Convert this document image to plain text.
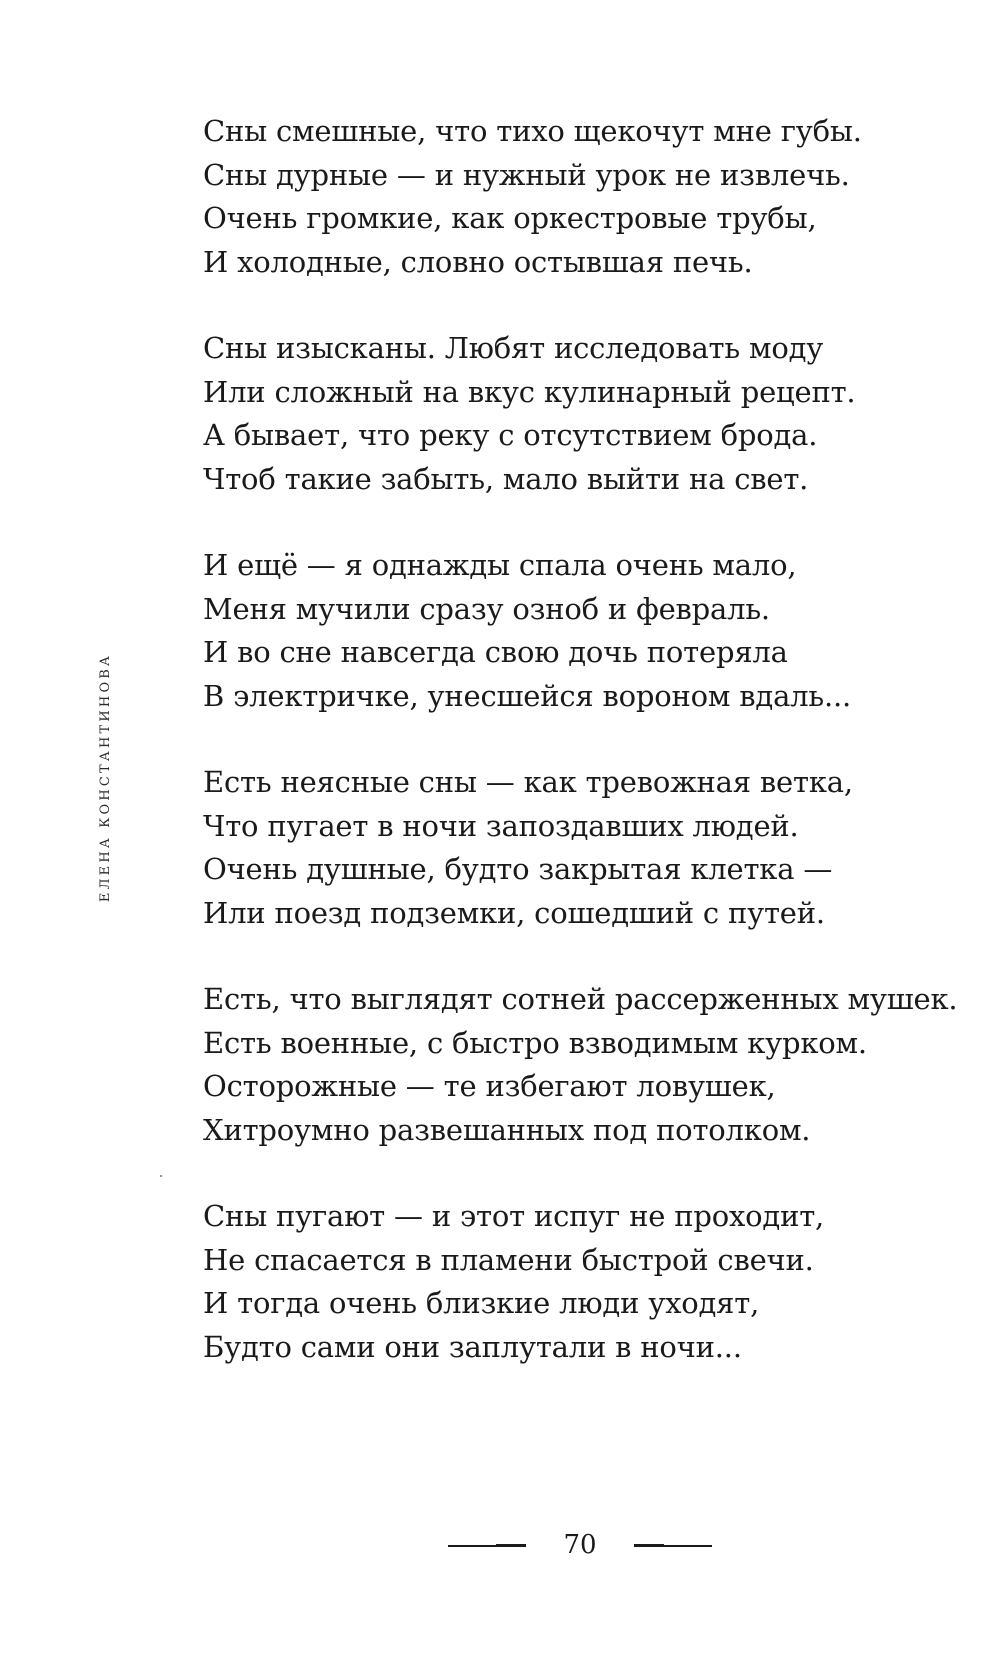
ЕЛЕНА КОНСТАНТИНОВА
Сны смешные, что тихо щекочут мне губы.
Сны дурные — и нужный урок не извлечь.
Очень громкие, как оркестровые трубы,
И холодные, словно остывшая печь.
Сны изысканы. Любят исследовать моду
Или сложный на вкус кулинарный рецепт.
А бывает, что реку с отсутствием брода.
Чтоб такие забыть, мало выйти на свет.
И ещё — я однажды спала очень мало,
Меня мучили сразу озноб и февраль.
И во сне навсегда свою дочь потеряла
В электричке, унесшейся вороном вдаль...
Есть неясные сны — как тревожная ветка,
Что пугает в ночи запоздавших людей.
Очень душные, будто закрытая клетка —
Или поезд подземки, сошедший с путей.
Есть, что выглядят сотней рассерженных мушек.
Есть военные, с быстро взводимым курком.
Осторожные — те избегают ловушек,
Хитроумно развешанных под потолком.
Сны пугают — и этот испуг не проходит,
Не спасается в пламени быстрой свечи.
И тогда очень близкие люди уходят,
Будто сами они заплутали в ночи...
70
